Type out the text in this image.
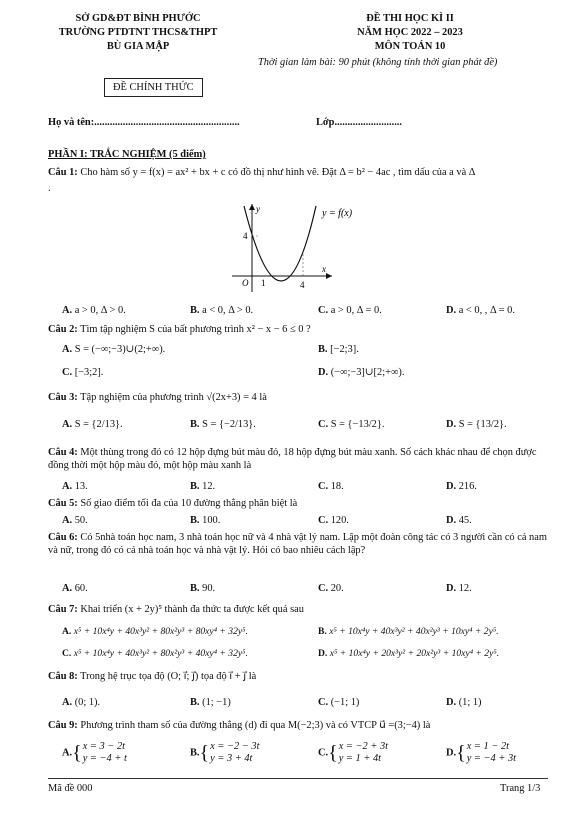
SỞ GD&ĐT BÌNH PHƯỚC
TRƯỜNG PTDTNT THCS&THPT
BÙ GIA MẬP
ĐỀ CHÍNH THỨC
ĐỀ THI HỌC KÌ II
NĂM HỌC 2022 – 2023
MÔN TOÁN 10
Thời gian làm bài: 90 phút (không tính thời gian phát đề)
Họ và tên:........................................................	Lớp..........................
PHẦN I: TRẮC NGHIỆM (5 điểm)
Câu 1: Cho hàm số y = f(x) = ax² + bx + c có đồ thị như hình vẽ. Đặt Δ = b² − 4ac , tìm dấu của a và Δ
.
y
x
y = f(x)
O 1	4
4
A. a > 0, Δ > 0.	B. a < 0, Δ > 0.	C. a > 0, Δ = 0.	D. a < 0, , Δ = 0.
Câu 2: Tìm tập nghiệm S của bất phương trình x² − x − 6 ≤ 0 ?
A. S = (−∞;−3)∪(2;+∞).	B. [−2;3].
C. [−3;2].	D. (−∞;−3]∪[2;+∞).
Câu 3: Tập nghiệm của phương trình √(2x+3) = 4 là
A. S = {2/13}.	B. S = {−2/13}.	C. S = {−13/2}.	D. S = {13/2}.
Câu 4: Một thùng trong đó có 12 hộp đựng bút màu đỏ, 18 hộp đựng bút màu xanh. Số cách khác nhau để chọn được đồng thời một hộp màu đỏ, một hộp màu xanh là
A. 13.	B. 12.	C. 18.	D. 216.
Câu 5: Số giao điểm tối đa của 10 đường thẳng phân biệt là
A. 50.	B. 100.	C. 120.	D. 45.
Câu 6: Có 5nhà toán học nam, 3 nhà toán học nữ và 4 nhà vật lý nam. Lập một đoàn công tác có 3 người cần có cả nam và nữ, trong đó có cả nhà toán học và nhà vật lý. Hỏi có bao nhiêu cách lập?
A. 60.	B. 90.	C. 20.	D. 12.
Câu 7: Khai triển (x + 2y)⁵ thành đa thức ta được kết quả sau
A. x⁵ + 10x⁴y + 40x³y² + 80x²y³ + 80xy⁴ + 32y⁵.	B. x⁵ + 10x⁴y + 40x³y² + 40x²y³ + 10xy⁴ + 2y⁵.
C. x⁵ + 10x⁴y + 40x³y² + 80x²y³ + 40xy⁴ + 32y⁵.	D. x⁵ + 10x⁴y + 20x³y² + 20x²y³ + 10xy⁴ + 2y⁵.
Câu 8: Trong hệ trục tọa độ (O; i⃗; j⃗) tọa độ i⃗ + j⃗ là
A. (0; 1).	B. (1; −1)	C. (−1; 1)	D. (1; 1)
Câu 9: Phương trình tham số của đường thẳng (d) đi qua M(−2;3) và có VTCP u⃗ =(3;−4) là
A.{x = 3 − 2t
y = −4 + t	B.{x = −2 − 3t
y = 3 + 4t	C.{x = −2 + 3t
y = 1 + 4t	D.{x = 1 − 2t
y = −4 + 3t
Mã đề 000	Trang 1/3
